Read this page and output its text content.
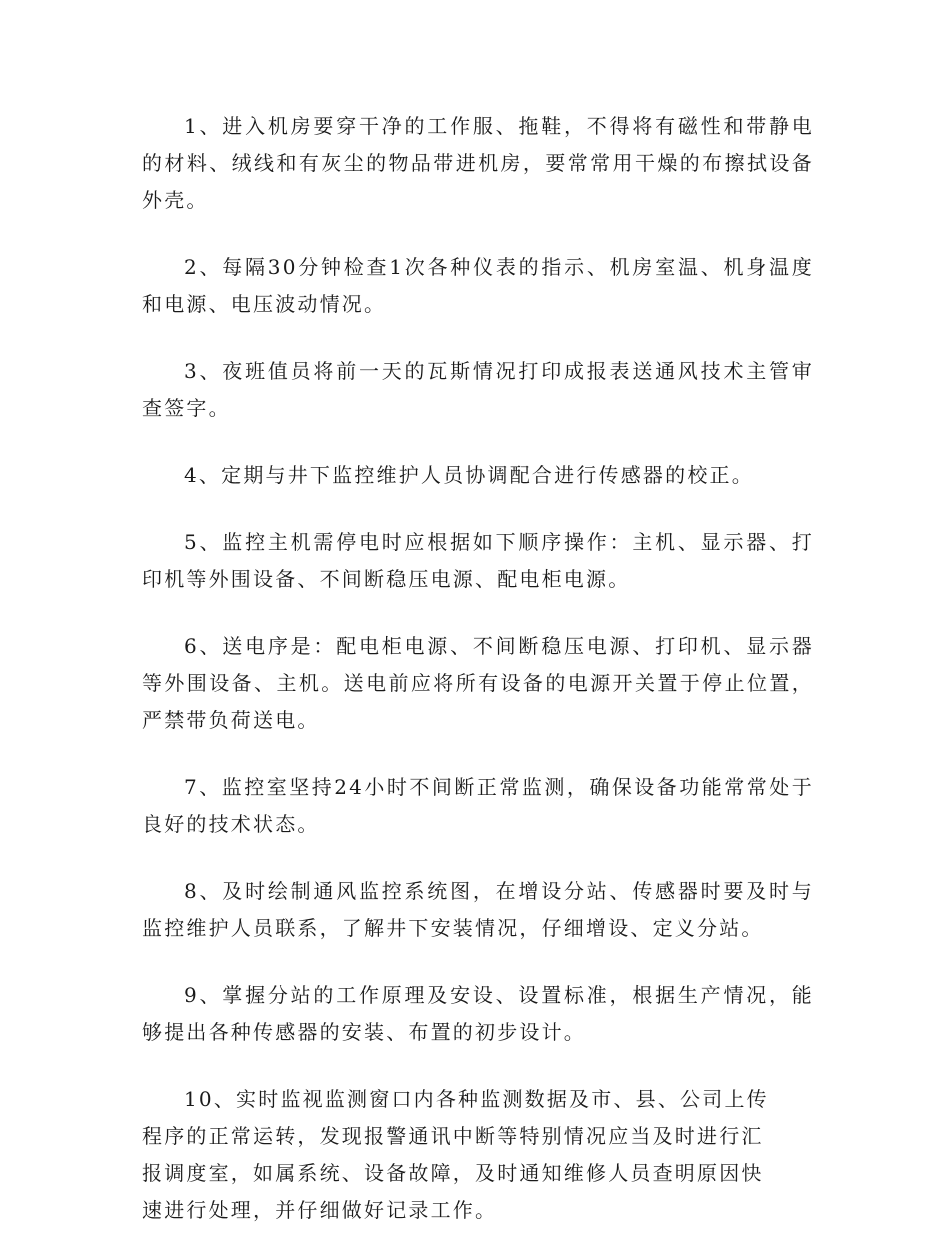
1、进入机房要穿干净的工作服、拖鞋，不得将有磁性和带静电的材料、绒线和有灰尘的物品带进机房，要常常用干燥的布擦拭设备外壳。

2、每隔30分钟检查1次各种仪表的指示、机房室温、机身温度和电源、电压波动情况。

3、夜班值员将前一天的瓦斯情况打印成报表送通风技术主管审查签字。

4、定期与井下监控维护人员协调配合进行传感器的校正。

5、监控主机需停电时应根据如下顺序操作：主机、显示器、打印机等外围设备、不间断稳压电源、配电柜电源。

6、送电序是：配电柜电源、不间断稳压电源、打印机、显示器等外围设备、主机。送电前应将所有设备的电源开关置于停止位置，严禁带负荷送电。

7、监控室坚持24小时不间断正常监测，确保设备功能常常处于良好的技术状态。

8、及时绘制通风监控系统图，在增设分站、传感器时要及时与监控维护人员联系，了解井下安装情况，仔细增设、定义分站。

9、掌握分站的工作原理及安设、设置标准，根据生产情况，能够提出各种传感器的安装、布置的初步设计。

10、实时监视监测窗口内各种监测数据及市、县、公司上传程序的正常运转，发现报警通讯中断等特别情况应当及时进行汇报调度室，如属系统、设备故障，及时通知维修人员查明原因快速进行处理，并仔细做好记录工作。
